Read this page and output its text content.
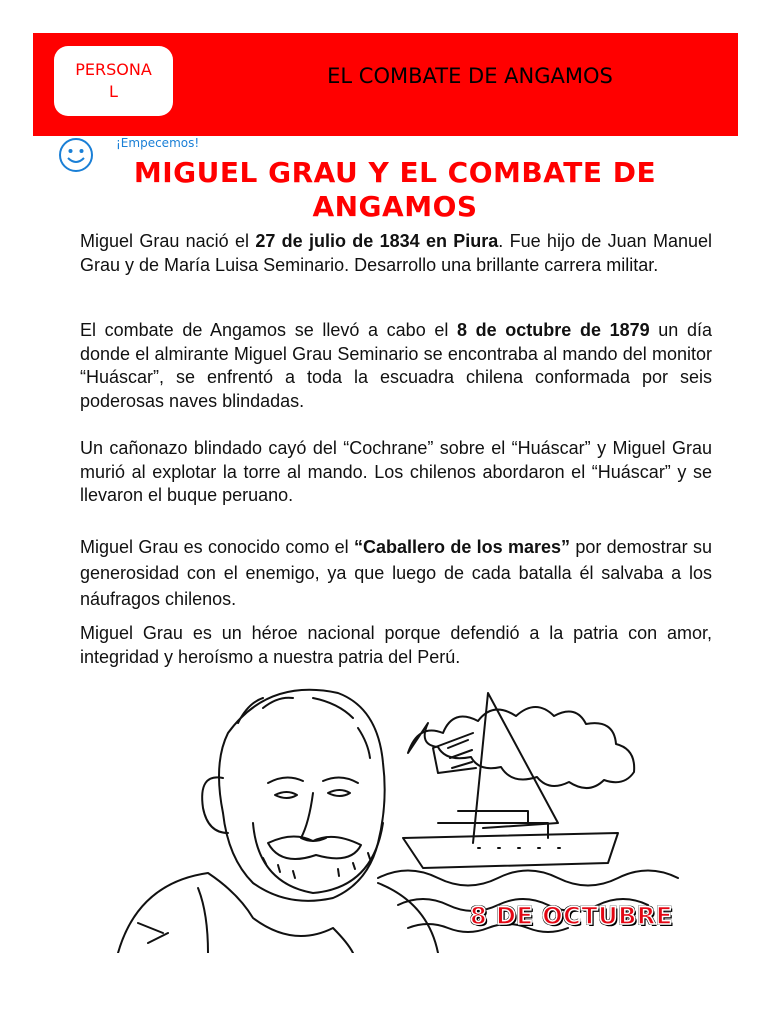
PERSONAL
EL COMBATE DE ANGAMOS
¡Empecemos!
MIGUEL GRAU Y EL COMBATE DE ANGAMOS
Miguel Grau nació el 27 de julio de 1834 en Piura. Fue hijo de Juan Manuel Grau y de María Luisa Seminario. Desarrollo una brillante carrera militar.
El combate de Angamos se llevó a cabo el 8 de octubre de 1879 un día donde el almirante Miguel Grau Seminario se encontraba al mando del monitor “Huáscar”, se enfrentó a toda la escuadra chilena conformada por seis poderosas naves blindadas.
Un cañonazo blindado cayó del “Cochrane” sobre el “Huáscar” y Miguel Grau murió al explotar la torre al mando. Los chilenos abordaron el “Huáscar” y se llevaron el buque peruano.
Miguel Grau es conocido como el “Caballero de los mares” por demostrar su generosidad con el enemigo, ya que luego de cada batalla él salvaba a los náufragos chilenos.
Miguel Grau es un héroe nacional porque defendió a la patria con amor, integridad y heroísmo a nuestra patria del Perú.
8 DE OCTUBRE
